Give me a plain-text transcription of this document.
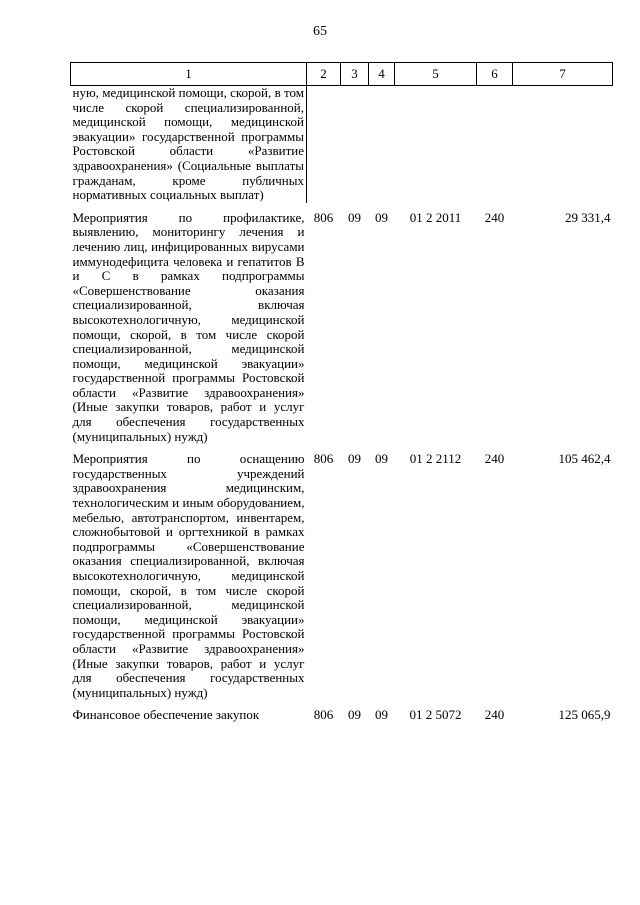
65
1	2	3	4	5	6	7
ную, медицинской помощи, скорой, в том числе скорой специализированной, медицинской помощи, медицинской эвакуации» государственной программы Ростовской области «Развитие здравоохранения» (Социальные выплаты гражданам, кроме публичных нормативных социальных выплат)						

Мероприятия по профилактике, выявлению, мониторингу лечения и лечению лиц, инфицированных вирусами иммунодефицита человека и гепатитов B и C в рамках подпрограммы «Совершенствование оказания специализированной, включая высокотехнологичную, медицинской помощи, скорой, в том числе скорой специализированной, медицинской помощи, медицинской эвакуации» государственной программы Ростовской области «Развитие здравоохранения» (Иные закупки товаров, работ и услуг для обеспечения государственных (муниципальных) нужд)	806	09	09	01 2 2011	240	29 331,4

Мероприятия по оснащению государственных учреждений здравоохранения медицинским, технологическим и иным оборудованием, мебелью, автотранспортом, инвентарем, сложнобытовой и оргтехникой в рамках подпрограммы «Совершенствование оказания специализированной, включая высокотехнологичную, медицинской помощи, скорой, в том числе скорой специализированной, медицинской помощи, медицинской эвакуации» государственной программы Ростовской области «Развитие здравоохранения» (Иные закупки товаров, работ и услуг для обеспечения государственных (муниципальных) нужд)	806	09	09	01 2 2112	240	105 462,4

Финансовое обеспечение закупок	806	09	09	01 2 5072	240	125 065,9
